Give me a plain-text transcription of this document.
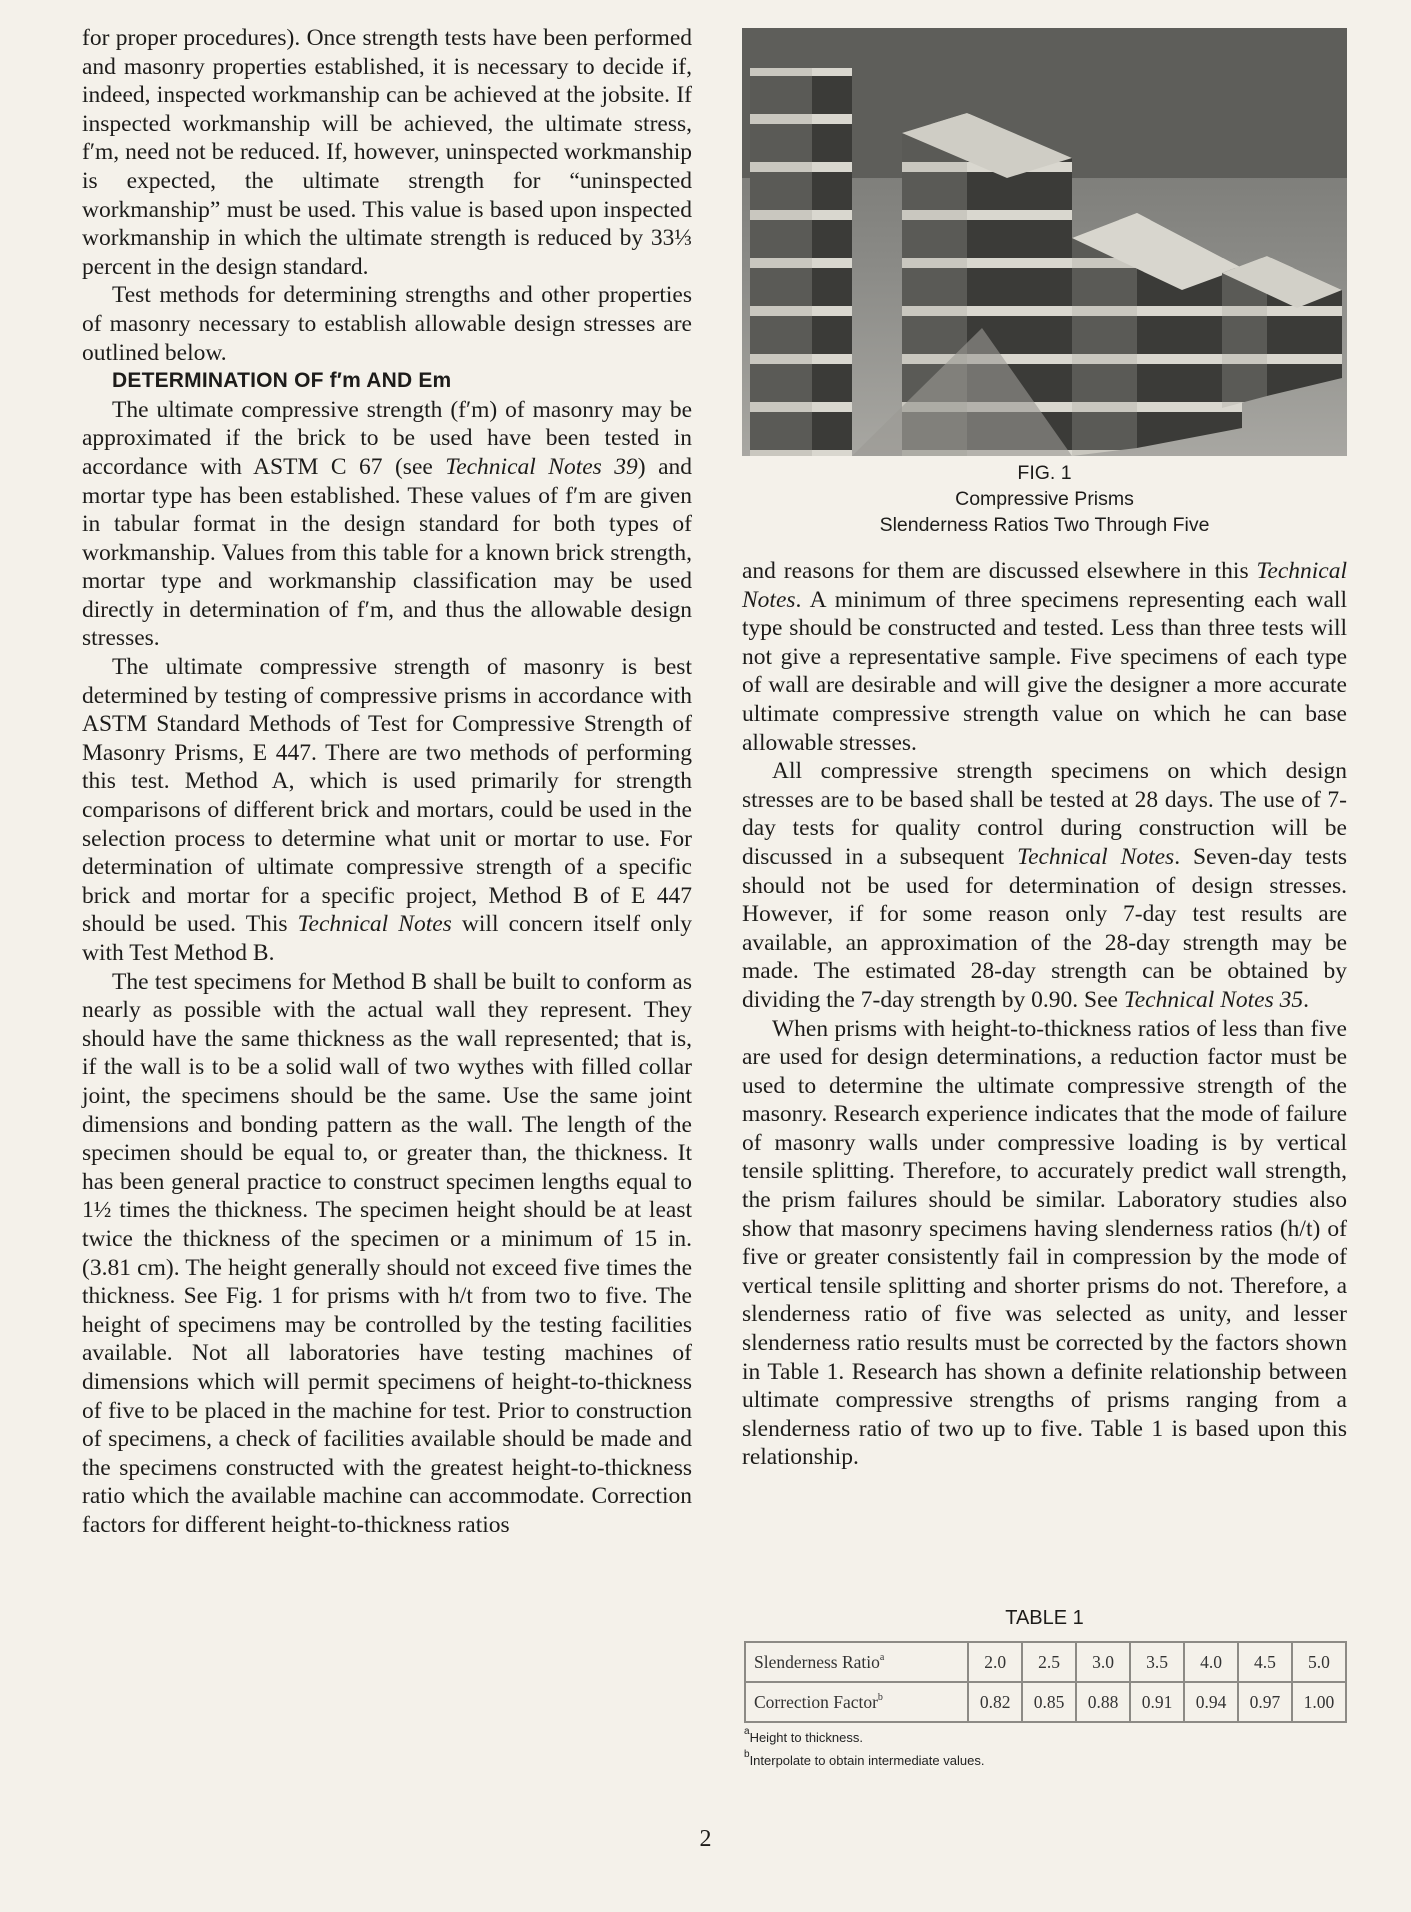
for proper procedures). Once strength tests have been performed and masonry properties established, it is necessary to decide if, indeed, inspected workmanship can be achieved at the jobsite. If inspected workmanship will be achieved, the ultimate stress, f′m, need not be reduced. If, however, uninspected workmanship is expected, the ultimate strength for “uninspected workmanship” must be used. This value is based upon inspected workmanship in which the ultimate strength is reduced by 33⅓ percent in the design standard.

Test methods for determining strengths and other properties of masonry necessary to establish allowable design stresses are outlined below.

DETERMINATION OF f′m AND Em

The ultimate compressive strength (f′m) of masonry may be approximated if the brick to be used have been tested in accordance with ASTM C 67 (see Technical Notes 39) and mortar type has been established. These values of f′m are given in tabular format in the design standard for both types of workmanship. Values from this table for a known brick strength, mortar type and workmanship classification may be used directly in determination of f′m, and thus the allowable design stresses.

The ultimate compressive strength of masonry is best determined by testing of compressive prisms in accordance with ASTM Standard Methods of Test for Compressive Strength of Masonry Prisms, E 447. There are two methods of performing this test. Method A, which is used primarily for strength comparisons of different brick and mortars, could be used in the selection process to determine what unit or mortar to use. For determination of ultimate compressive strength of a specific brick and mortar for a specific project, Method B of E 447 should be used. This Technical Notes will concern itself only with Test Method B.

The test specimens for Method B shall be built to conform as nearly as possible with the actual wall they represent. They should have the same thickness as the wall represented; that is, if the wall is to be a solid wall of two wythes with filled collar joint, the specimens should be the same. Use the same joint dimensions and bonding pattern as the wall. The length of the specimen should be equal to, or greater than, the thickness. It has been general practice to construct specimen lengths equal to 1½ times the thickness. The specimen height should be at least twice the thickness of the specimen or a minimum of 15 in. (3.81 cm). The height generally should not exceed five times the thickness. See Fig. 1 for prisms with h/t from two to five. The height of specimens may be controlled by the testing facilities available. Not all laboratories have testing machines of dimensions which will permit specimens of height-to-thickness of five to be placed in the machine for test. Prior to construction of specimens, a check of facilities available should be made and the specimens constructed with the greatest height-to-thickness ratio which the available machine can accommodate. Correction factors for different height-to-thickness ratios

FIG. 1
Compressive Prisms
Slenderness Ratios Two Through Five

and reasons for them are discussed elsewhere in this Technical Notes. A minimum of three specimens representing each wall type should be constructed and tested. Less than three tests will not give a representative sample. Five specimens of each type of wall are desirable and will give the designer a more accurate ultimate compressive strength value on which he can base allowable stresses.

All compressive strength specimens on which design stresses are to be based shall be tested at 28 days. The use of 7-day tests for quality control during construction will be discussed in a subsequent Technical Notes. Seven-day tests should not be used for determination of design stresses. However, if for some reason only 7-day test results are available, an approximation of the 28-day strength may be made. The estimated 28-day strength can be obtained by dividing the 7-day strength by 0.90. See Technical Notes 35.

When prisms with height-to-thickness ratios of less than five are used for design determinations, a reduction factor must be used to determine the ultimate compressive strength of the masonry. Research experience indicates that the mode of failure of masonry walls under compressive loading is by vertical tensile splitting. Therefore, to accurately predict wall strength, the prism failures should be similar. Laboratory studies also show that masonry specimens having slenderness ratios (h/t) of five or greater consistently fail in compression by the mode of vertical tensile splitting and shorter prisms do not. Therefore, a slenderness ratio of five was selected as unity, and lesser slenderness ratio results must be corrected by the factors shown in Table 1. Research has shown a definite relationship between ultimate compressive strengths of prisms ranging from a slenderness ratio of two up to five. Table 1 is based upon this relationship.

TABLE 1
Slenderness Ratio$^a$	2.0	2.5	3.0	3.5	4.0	4.5	5.0
Correction Factor$^b$	0.82	0.85	0.88	0.91	0.94	0.97	1.00
$^a$Height to thickness.
$^b$Interpolate to obtain intermediate values.
2
